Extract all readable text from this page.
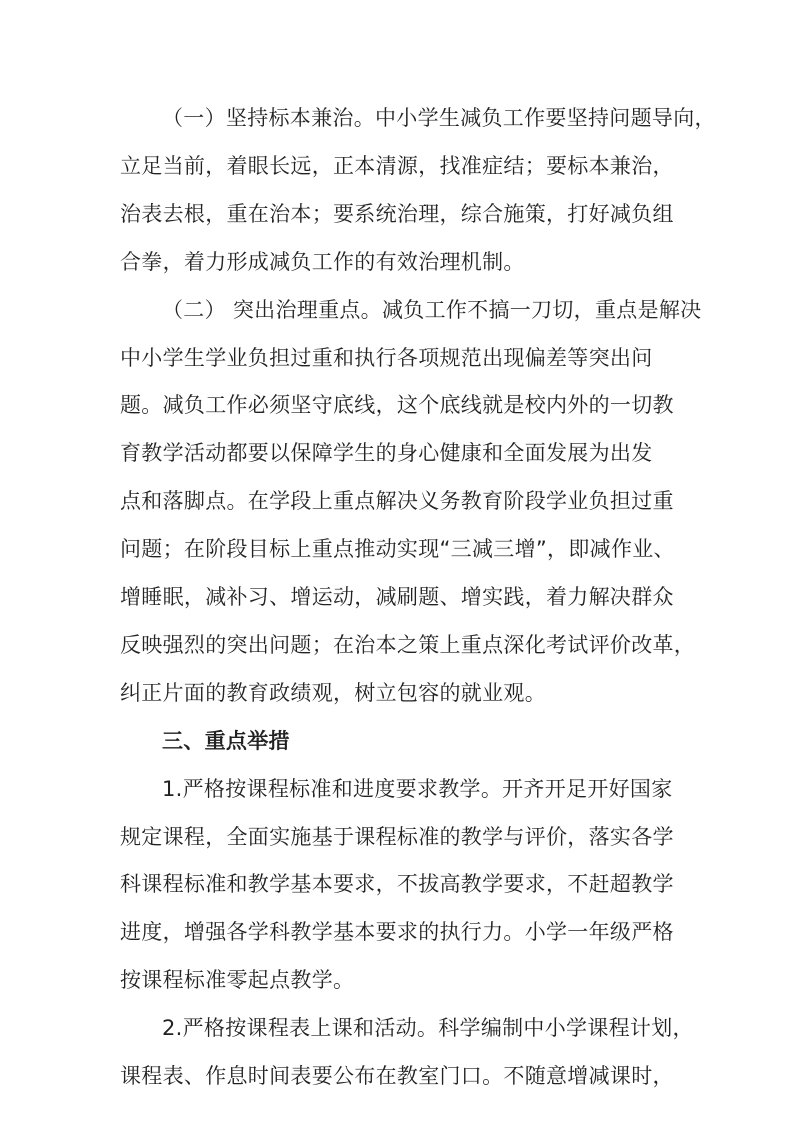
（一）坚持标本兼治。中小学生减负工作要坚持问题导向，
立足当前，着眼长远，正本清源，找准症结；要标本兼治，
治表去根，重在治本；要系统治理，综合施策，打好减负组
合拳，着力形成减负工作的有效治理机制。
（二） 突出治理重点。减负工作不搞一刀切，重点是解决
中小学生学业负担过重和执行各项规范出现偏差等突出问
题。减负工作必须坚守底线，这个底线就是校内外的一切教
育教学活动都要以保障学生的身心健康和全面发展为出发
点和落脚点。在学段上重点解决义务教育阶段学业负担过重
问题；在阶段目标上重点推动实现“三减三增”，即减作业、
增睡眠，减补习、增运动，减刷题、增实践，着力解决群众
反映强烈的突出问题；在治本之策上重点深化考试评价改革，
纠正片面的教育政绩观，树立包容的就业观。
三、重点举措
1.严格按课程标准和进度要求教学。开齐开足开好国家
规定课程，全面实施基于课程标准的教学与评价，落实各学
科课程标准和教学基本要求，不拔高教学要求，不赶超教学
进度，增强各学科教学基本要求的执行力。小学一年级严格
按课程标准零起点教学。
2.严格按课程表上课和活动。科学编制中小学课程计划，
课程表、作息时间表要公布在教室门口。不随意增减课时，
